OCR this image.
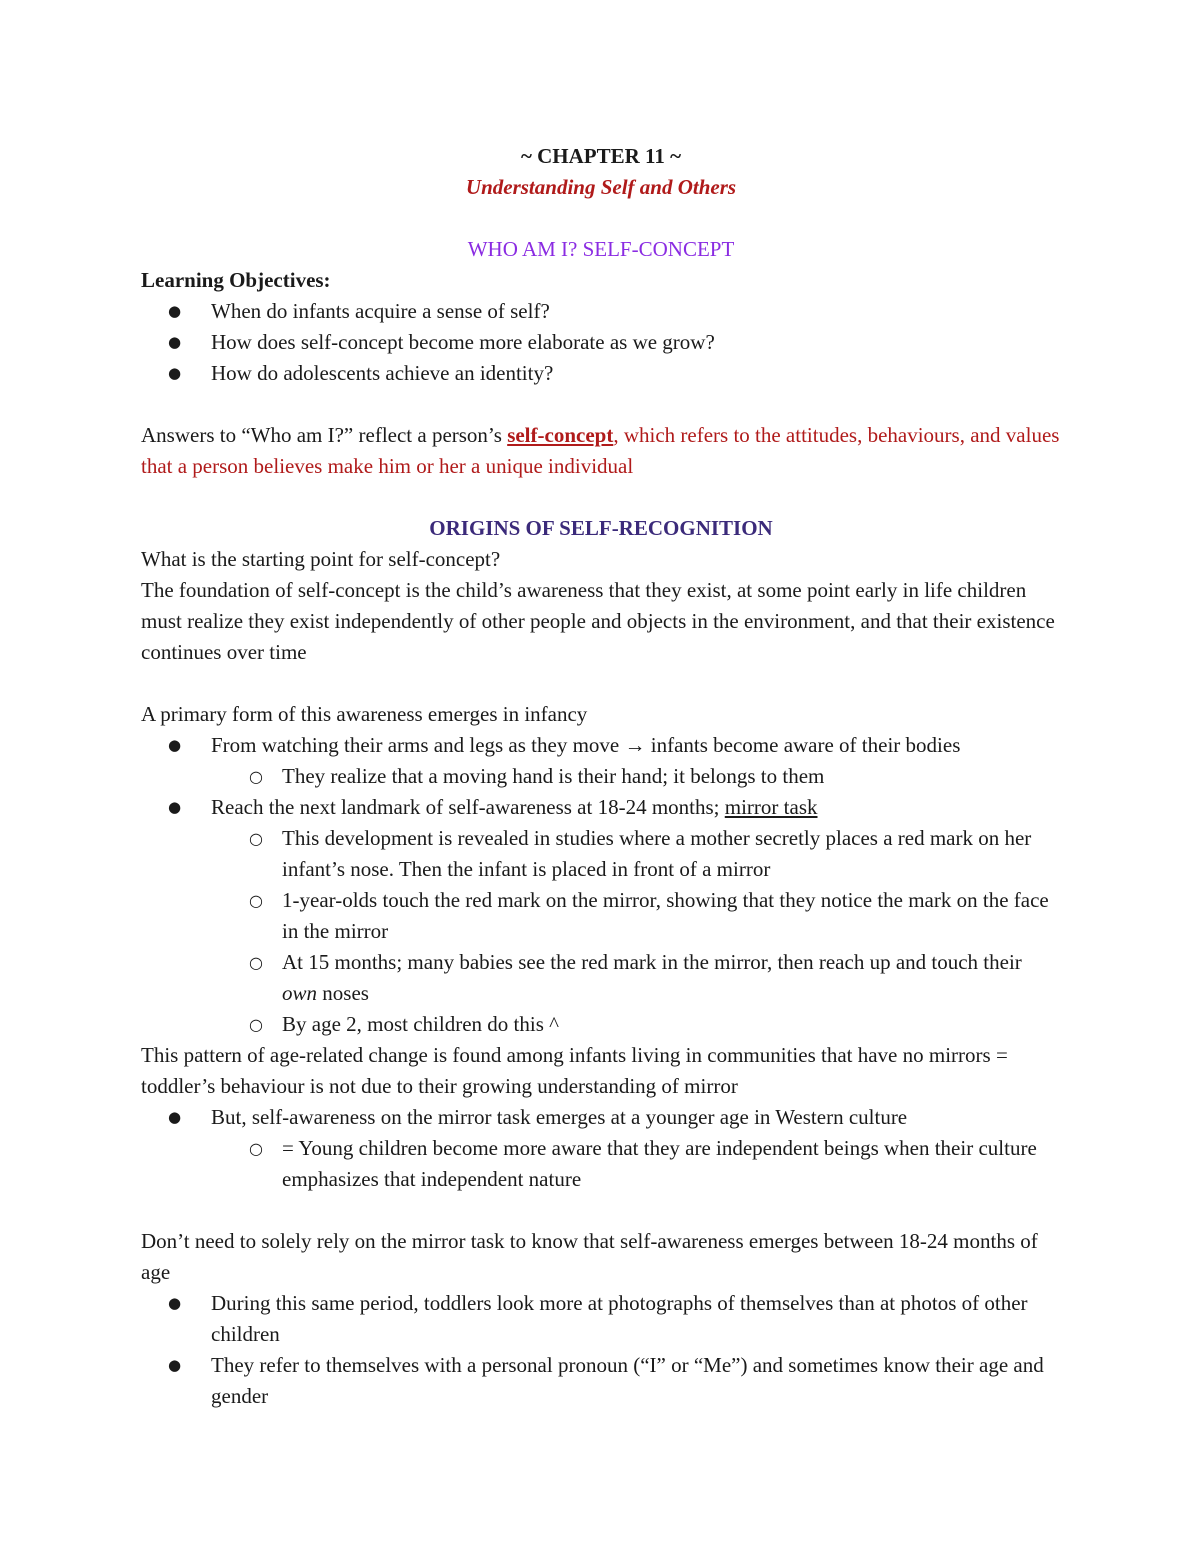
~ CHAPTER 11 ~

Understanding Self and Others

WHO AM I? SELF-CONCEPT

Learning Objectives:

● When do infants acquire a sense of self?
● How does self-concept become more elaborate as we grow?
● How do adolescents achieve an identity?

Answers to “Who am I?” reflect a person’s self-concept, which refers to the attitudes, behaviours, and values that a person believes make him or her a unique individual

ORIGINS OF SELF-RECOGNITION

What is the starting point for self-concept?

The foundation of self-concept is the child’s awareness that they exist, at some point early in life children must realize they exist independently of other people and objects in the environment, and that their existence continues over time

A primary form of this awareness emerges in infancy

● From watching their arms and legs as they move → infants become aware of their bodies
○ They realize that a moving hand is their hand; it belongs to them
● Reach the next landmark of self-awareness at 18-24 months; mirror task
○ This development is revealed in studies where a mother secretly places a red mark on her infant’s nose. Then the infant is placed in front of a mirror
○ 1-year-olds touch the red mark on the mirror, showing that they notice the mark on the face in the mirror
○ At 15 months; many babies see the red mark in the mirror, then reach up and touch their own noses
○ By age 2, most children do this ^

This pattern of age-related change is found among infants living in communities that have no mirrors = toddler’s behaviour is not due to their growing understanding of mirror

● But, self-awareness on the mirror task emerges at a younger age in Western culture
○ = Young children become more aware that they are independent beings when their culture emphasizes that independent nature

Don’t need to solely rely on the mirror task to know that self-awareness emerges between 18-24 months of age

● During this same period, toddlers look more at photographs of themselves than at photos of other children
● They refer to themselves with a personal pronoun (“I” or “Me”) and sometimes know their age and gender
